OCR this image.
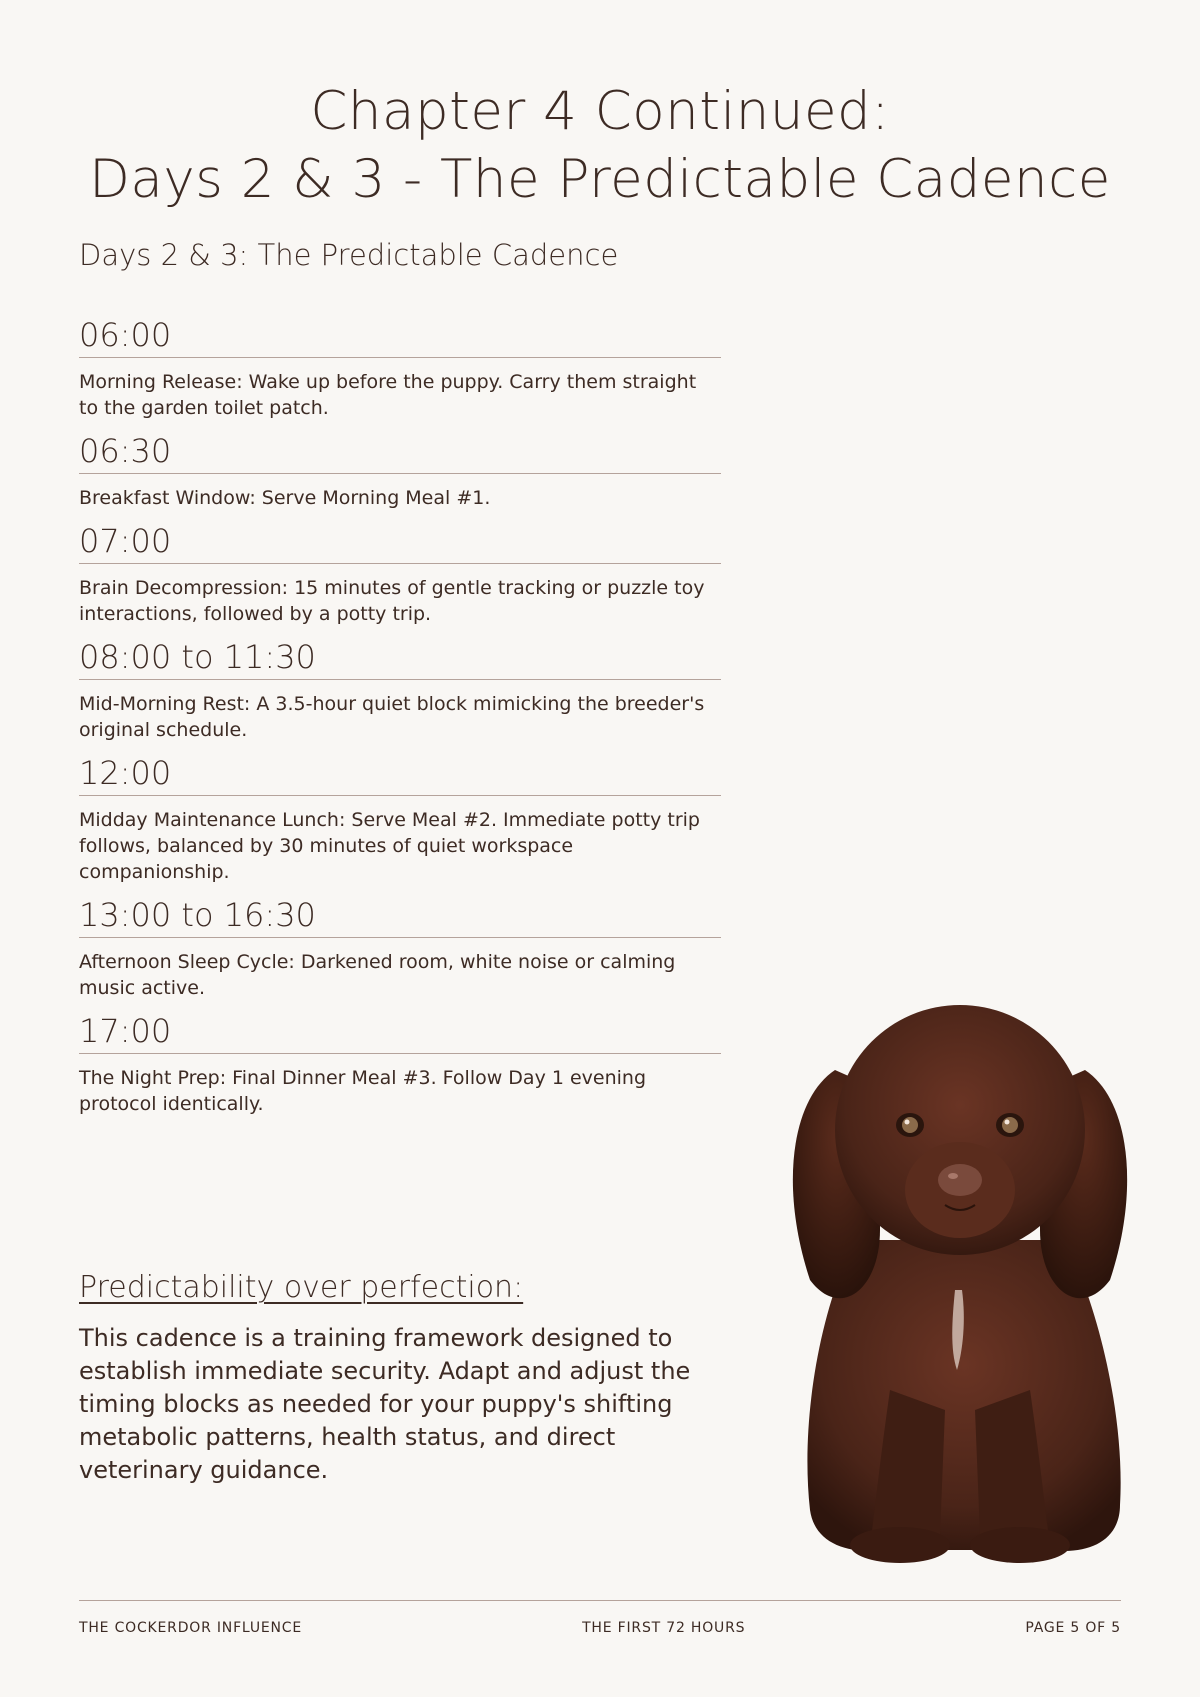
Chapter 4 Continued:
Days 2 & 3 - The Predictable Cadence
Days 2 & 3: The Predictable Cadence
06:00
Morning Release: Wake up before the puppy. Carry them straight to the garden toilet patch.
06:30
Breakfast Window: Serve Morning Meal #1.
07:00
Brain Decompression: 15 minutes of gentle tracking or puzzle toy interactions, followed by a potty trip.
08:00 to 11:30
Mid-Morning Rest: A 3.5-hour quiet block mimicking the breeder's original schedule.
12:00
Midday Maintenance Lunch: Serve Meal #2. Immediate potty trip follows, balanced by 30 minutes of quiet workspace companionship.
13:00 to 16:30
Afternoon Sleep Cycle: Darkened room, white noise or calming music active.
17:00
The Night Prep: Final Dinner Meal #3. Follow Day 1 evening protocol identically.
Predictability over perfection:
This cadence is a training framework designed to establish immediate security. Adapt and adjust the timing blocks as needed for your puppy's shifting metabolic patterns, health status, and direct veterinary guidance.
THE COCKERDOR INFLUENCE	THE FIRST 72 HOURS	PAGE 5 OF 5
